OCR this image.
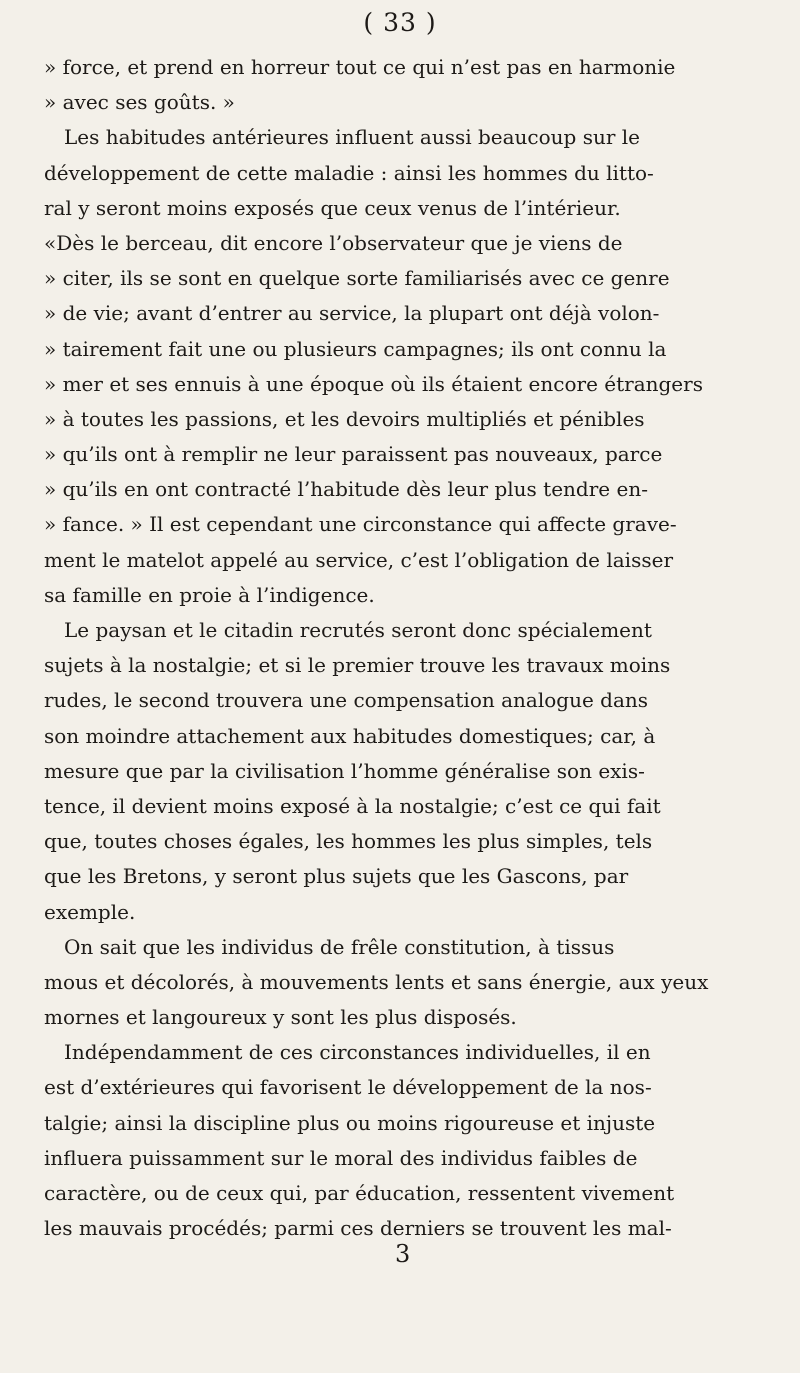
( 33 )
» force, et prend en horreur tout ce qui n’est pas en harmonie
» avec ses goûts. »
Les habitudes antérieures influent aussi beaucoup sur le
développement de cette maladie : ainsi les hommes du litto-
ral y seront moins exposés que ceux venus de l’intérieur.
«Dès le berceau, dit encore l’observateur que je viens de
» citer, ils se sont en quelque sorte familiarisés avec ce genre
» de vie; avant d’entrer au service, la plupart ont déjà volon-
» tairement fait une ou plusieurs campagnes; ils ont connu la
» mer et ses ennuis à une époque où ils étaient encore étrangers
» à toutes les passions, et les devoirs multipliés et pénibles
» qu’ils ont à remplir ne leur paraissent pas nouveaux, parce
» qu’ils en ont contracté l’habitude dès leur plus tendre en-
» fance. » Il est cependant une circonstance qui affecte grave-
ment le matelot appelé au service, c’est l’obligation de laisser
sa famille en proie à l’indigence.
Le paysan et le citadin recrutés seront donc spécialement
sujets à la nostalgie; et si le premier trouve les travaux moins
rudes, le second trouvera une compensation analogue dans
son moindre attachement aux habitudes domestiques; car, à
mesure que par la civilisation l’homme généralise son exis-
tence, il devient moins exposé à la nostalgie; c’est ce qui fait
que, toutes choses égales, les hommes les plus simples, tels
que les Bretons, y seront plus sujets que les Gascons, par
exemple.
On sait que les individus de frêle constitution, à tissus
mous et décolorés, à mouvements lents et sans énergie, aux yeux
mornes et langoureux y sont les plus disposés.
Indépendamment de ces circonstances individuelles, il en
est d’extérieures qui favorisent le développement de la nos-
talgie; ainsi la discipline plus ou moins rigoureuse et injuste
influera puissamment sur le moral des individus faibles de
caractère, ou de ceux qui, par éducation, ressentent vivement
les mauvais procédés; parmi ces derniers se trouvent les mal-
3
